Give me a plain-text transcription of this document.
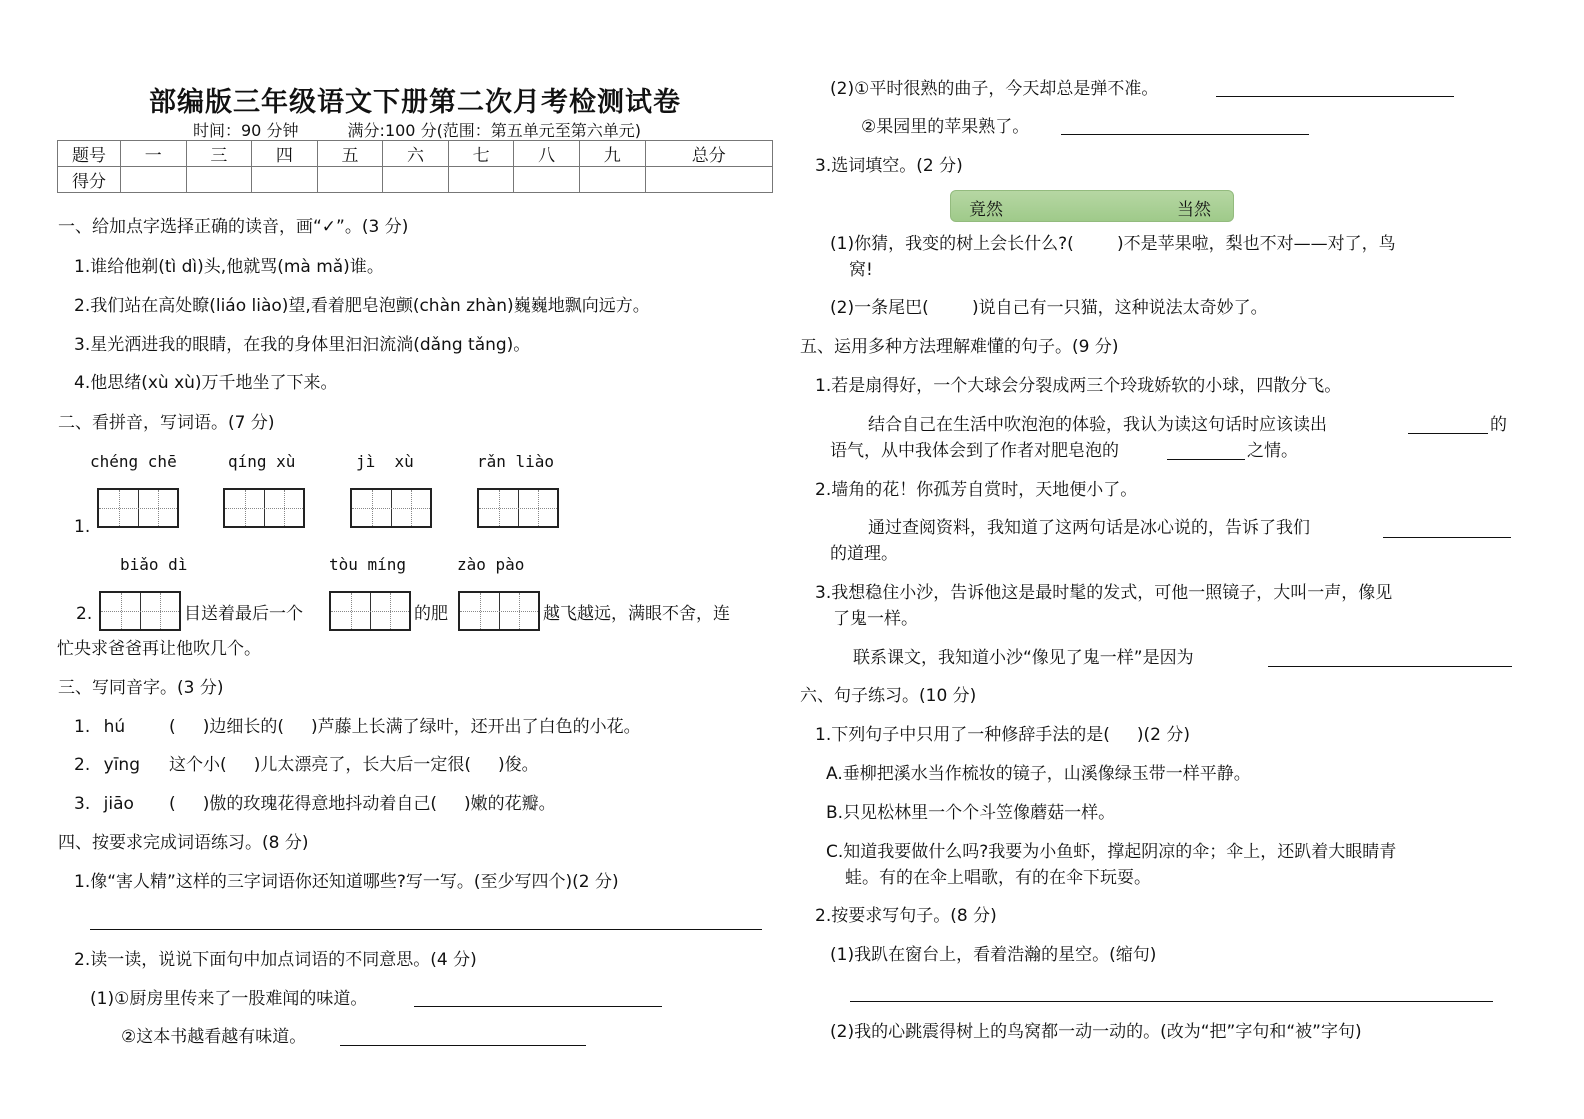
部编版三年级语文下册第二次月考检测试卷
时间：90 分钟	满分:100 分(范围：第五单元至第六单元)
题号	一	三	四	五	六	七	八	九	总分
得分									
一、给加点字选择正确的读音，画“✓”。(3 分)
1.谁给他剃(tì dì)头,他就骂(mà mǎ)谁。
2.我们站在高处瞭(liáo liào)望,看着肥皂泡颤(chàn zhàn)巍巍地飘向远方。
3.星光洒进我的眼睛，在我的身体里汩汩流淌(dǎng tǎng)。
4.他思绪(xù xù)万千地坐了下来。
二、看拼音，写词语。(7 分)
chéng chē	qíng xù	jì  xù	rǎn liào
1.
biǎo dì	tòu míng	zào pào
2.	目送着最后一个	的肥	越飞越远，满眼不舍，连
忙央求爸爸再让他吹几个。
三、写同音字。(3 分)
1. hú	(     )边细长的(     )芦藤上长满了绿叶，还开出了白色的小花。
2. yīng 这个小(     )儿太漂亮了，长大后一定很(     )俊。
3. jiāo (     )傲的玫瑰花得意地抖动着自己(     )嫩的花瓣。
四、按要求完成词语练习。(8 分)
1.像“害人精”这样的三字词语你还知道哪些?写一写。(至少写四个)(2 分)
2.读一读，说说下面句中加点词语的不同意思。(4 分)
(1)①厨房里传来了一股难闻的味道。
②这本书越看越有味道。
(2)①平时很熟的曲子，今天却总是弹不准。
②果园里的苹果熟了。
3.选词填空。(2 分)
竟然	当然
(1)你猜，我变的树上会长什么?(        )不是苹果啦，梨也不对——对了，鸟
窝!
(2)一条尾巴(        )说自己有一只猫，这种说法太奇妙了。
五、运用多种方法理解难懂的句子。(9 分)
1.若是扇得好，一个大球会分裂成两三个玲珑娇软的小球，四散分飞。
结合自己在生活中吹泡泡的体验，我认为读这句话时应该读出	的
语气，从中我体会到了作者对肥皂泡的	之情。
2.墙角的花！你孤芳自赏时，天地便小了。
通过查阅资料，我知道了这两句话是冰心说的，告诉了我们
的道理。
3.我想稳住小沙，告诉他这是最时髦的发式，可他一照镜子，大叫一声，像见
了鬼一样。
联系课文，我知道小沙“像见了鬼一样”是因为
六、句子练习。(10 分)
1.下列句子中只用了一种修辞手法的是(     )(2 分)
A.垂柳把溪水当作梳妆的镜子，山溪像绿玉带一样平静。
B.只见松林里一个个斗笠像蘑菇一样。
C.知道我要做什么吗?我要为小鱼虾，撑起阴凉的伞；伞上，还趴着大眼睛青
蛙。有的在伞上唱歌，有的在伞下玩耍。
2.按要求写句子。(8 分)
(1)我趴在窗台上，看着浩瀚的星空。(缩句)
(2)我的心跳震得树上的鸟窝都一动一动的。(改为“把”字句和“被”字句)
